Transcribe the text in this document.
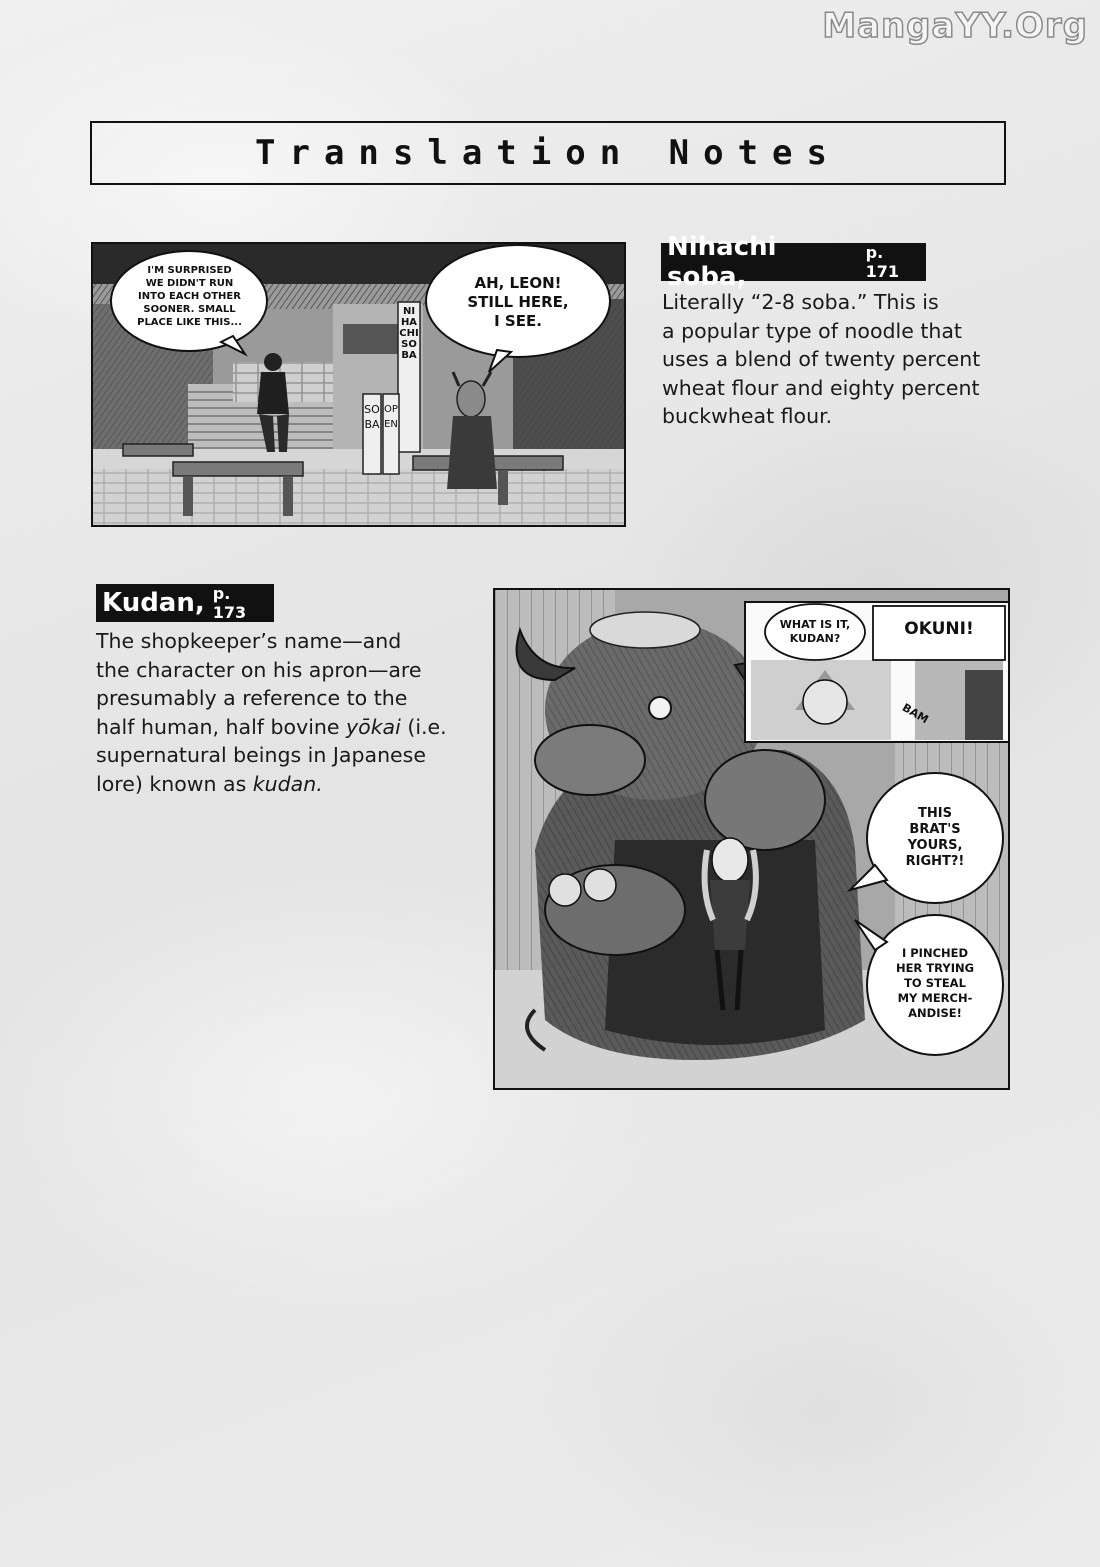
MangaYY.Org
Translation Notes
I'M SURPRISED
WE DIDN'T RUN
INTO EACH OTHER
SOONER. SMALL
PLACE LIKE THIS...
AH, LEON!
STILL HERE,
I SEE.
NIHACHI SOBA
SOBA
OPEN
Nihachi soba,
p. 171
Literally “2-8 soba.” This is
a popular type of noodle that
uses a blend of twenty percent
wheat flour and eighty percent
buckwheat flour.
Kudan, p. 173
The shopkeeper’s name—and
the character on his apron—are
presumably a reference to the
half human, half bovine yōkai (i.e.
supernatural beings in Japanese
lore) known as kudan.
WHAT IS IT,
KUDAN?	OKUNI!
BAM
THIS
BRAT'S
YOURS,
RIGHT?!
I PINCHED
HER TRYING
TO STEAL
MY MERCH-
ANDISE!
